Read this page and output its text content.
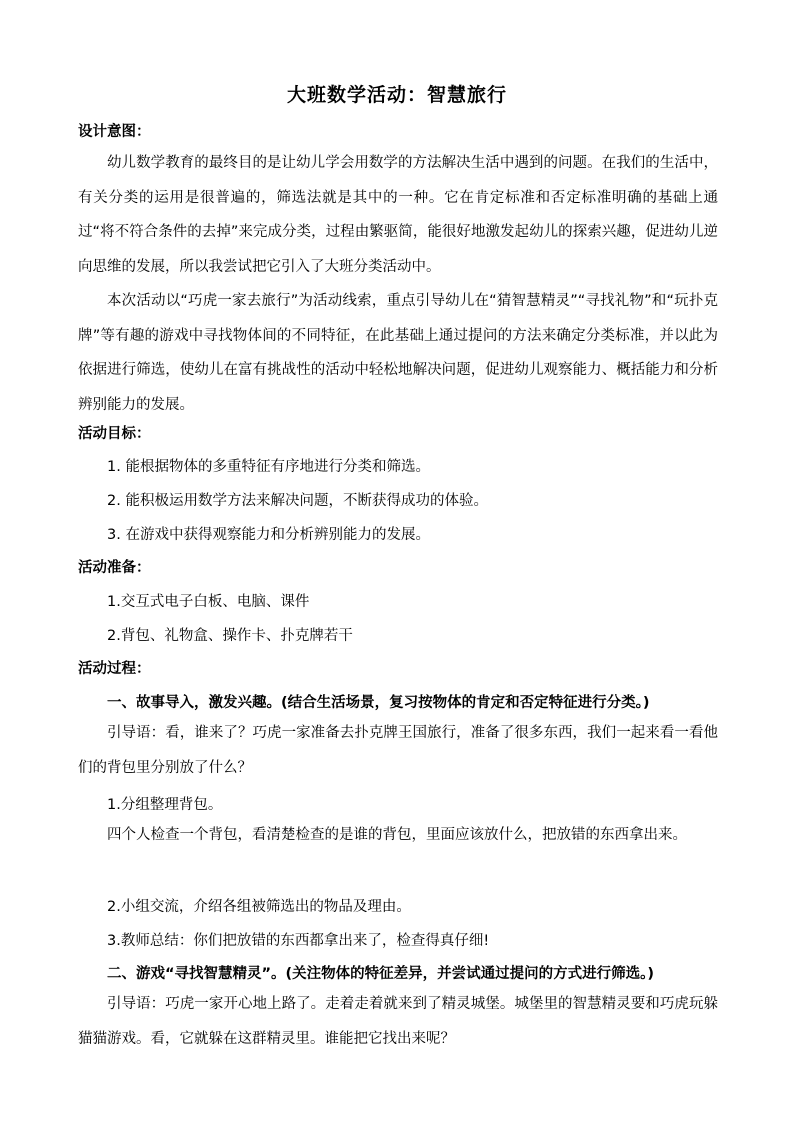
大班数学活动：智慧旅行
设计意图：

幼儿数学教育的最终目的是让幼儿学会用数学的方法解决生活中遇到的问题。在我们的生活中，有关分类的运用是很普遍的，筛选法就是其中的一种。它在肯定标准和否定标准明确的基础上通过“将不符合条件的去掉”来完成分类，过程由繁驱简，能很好地激发起幼儿的探索兴趣，促进幼儿逆向思维的发展，所以我尝试把它引入了大班分类活动中。

本次活动以“巧虎一家去旅行”为活动线索，重点引导幼儿在“猜智慧精灵”“寻找礼物”和“玩扑克牌”等有趣的游戏中寻找物体间的不同特征，在此基础上通过提问的方法来确定分类标准，并以此为依据进行筛选，使幼儿在富有挑战性的活动中轻松地解决问题，促进幼儿观察能力、概括能力和分析辨别能力的发展。

活动目标：
1. 能根据物体的多重特征有序地进行分类和筛选。
2. 能积极运用数学方法来解决问题，不断获得成功的体验。
3. 在游戏中获得观察能力和分析辨别能力的发展。
活动准备：
1.交互式电子白板、电脑、课件
2.背包、礼物盒、操作卡、扑克牌若干
活动过程：
一、故事导入，激发兴趣。(结合生活场景，复习按物体的肯定和否定特征进行分类。)

引导语：看，谁来了？巧虎一家准备去扑克牌王国旅行，准备了很多东西，我们一起来看一看他们的背包里分别放了什么？

1.分组整理背包。

四个人检查一个背包，看清楚检查的是谁的背包，里面应该放什么，把放错的东西拿出来。

2.小组交流，介绍各组被筛选出的物品及理由。
3.教师总结：你们把放错的东西都拿出来了，检查得真仔细!
二、游戏“寻找智慧精灵”。(关注物体的特征差异，并尝试通过提问的方式进行筛选。)

引导语：巧虎一家开心地上路了。走着走着就来到了精灵城堡。城堡里的智慧精灵要和巧虎玩躲猫猫游戏。看，它就躲在这群精灵里。谁能把它找出来呢？
